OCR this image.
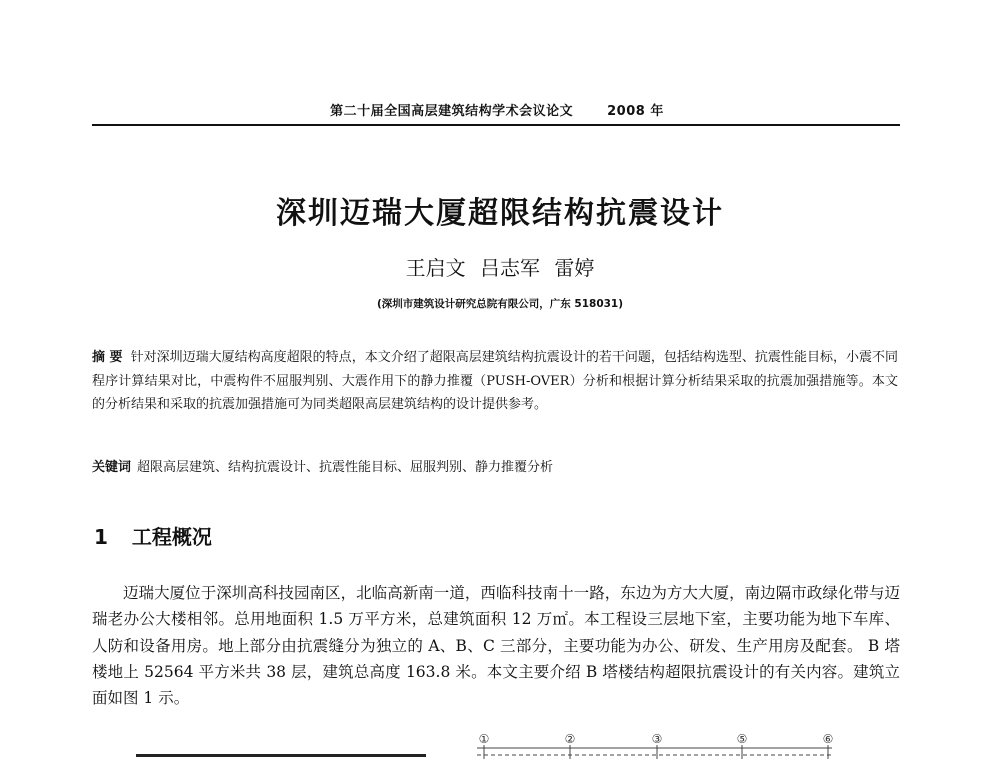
第二十届全国高层建筑结构学术会议论文	2008 年
深圳迈瑞大厦超限结构抗震设计
王启文 吕志军 雷婷
(深圳市建筑设计研究总院有限公司，广东 518031)

摘 要 针对深圳迈瑞大厦结构高度超限的特点，本文介绍了超限高层建筑结构抗震设计的若干问题，包括结构选型、抗震性能目标，小震不同程序计算结果对比，中震构件不屈服判别、大震作用下的静力推覆（PUSH-OVER）分析和根据计算分析结果采取的抗震加强措施等。本文的分析结果和采取的抗震加强措施可为同类超限高层建筑结构的设计提供参考。

关键词 超限高层建筑、结构抗震设计、抗震性能目标、屈服判别、静力推覆分析

1 工程概况

迈瑞大厦位于深圳高科技园南区，北临高新南一道，西临科技南十一路，东边为方大大厦，南边隔市政绿化带与迈瑞老办公大楼相邻。总用地面积 1.5 万平方米，总建筑面积 12 万㎡。本工程设三层地下室，主要功能为地下车库、人防和设备用房。地上部分由抗震缝分为独立的 A、B、C 三部分，主要功能为办公、研发、生产用房及配套。 B 塔楼地上 52564 平方米共 38 层，建筑总高度 163.8 米。本文主要介绍 B 塔楼结构超限抗震设计的有关内容。建筑立面如图 1 示。

①	②	③	⑤	⑥
